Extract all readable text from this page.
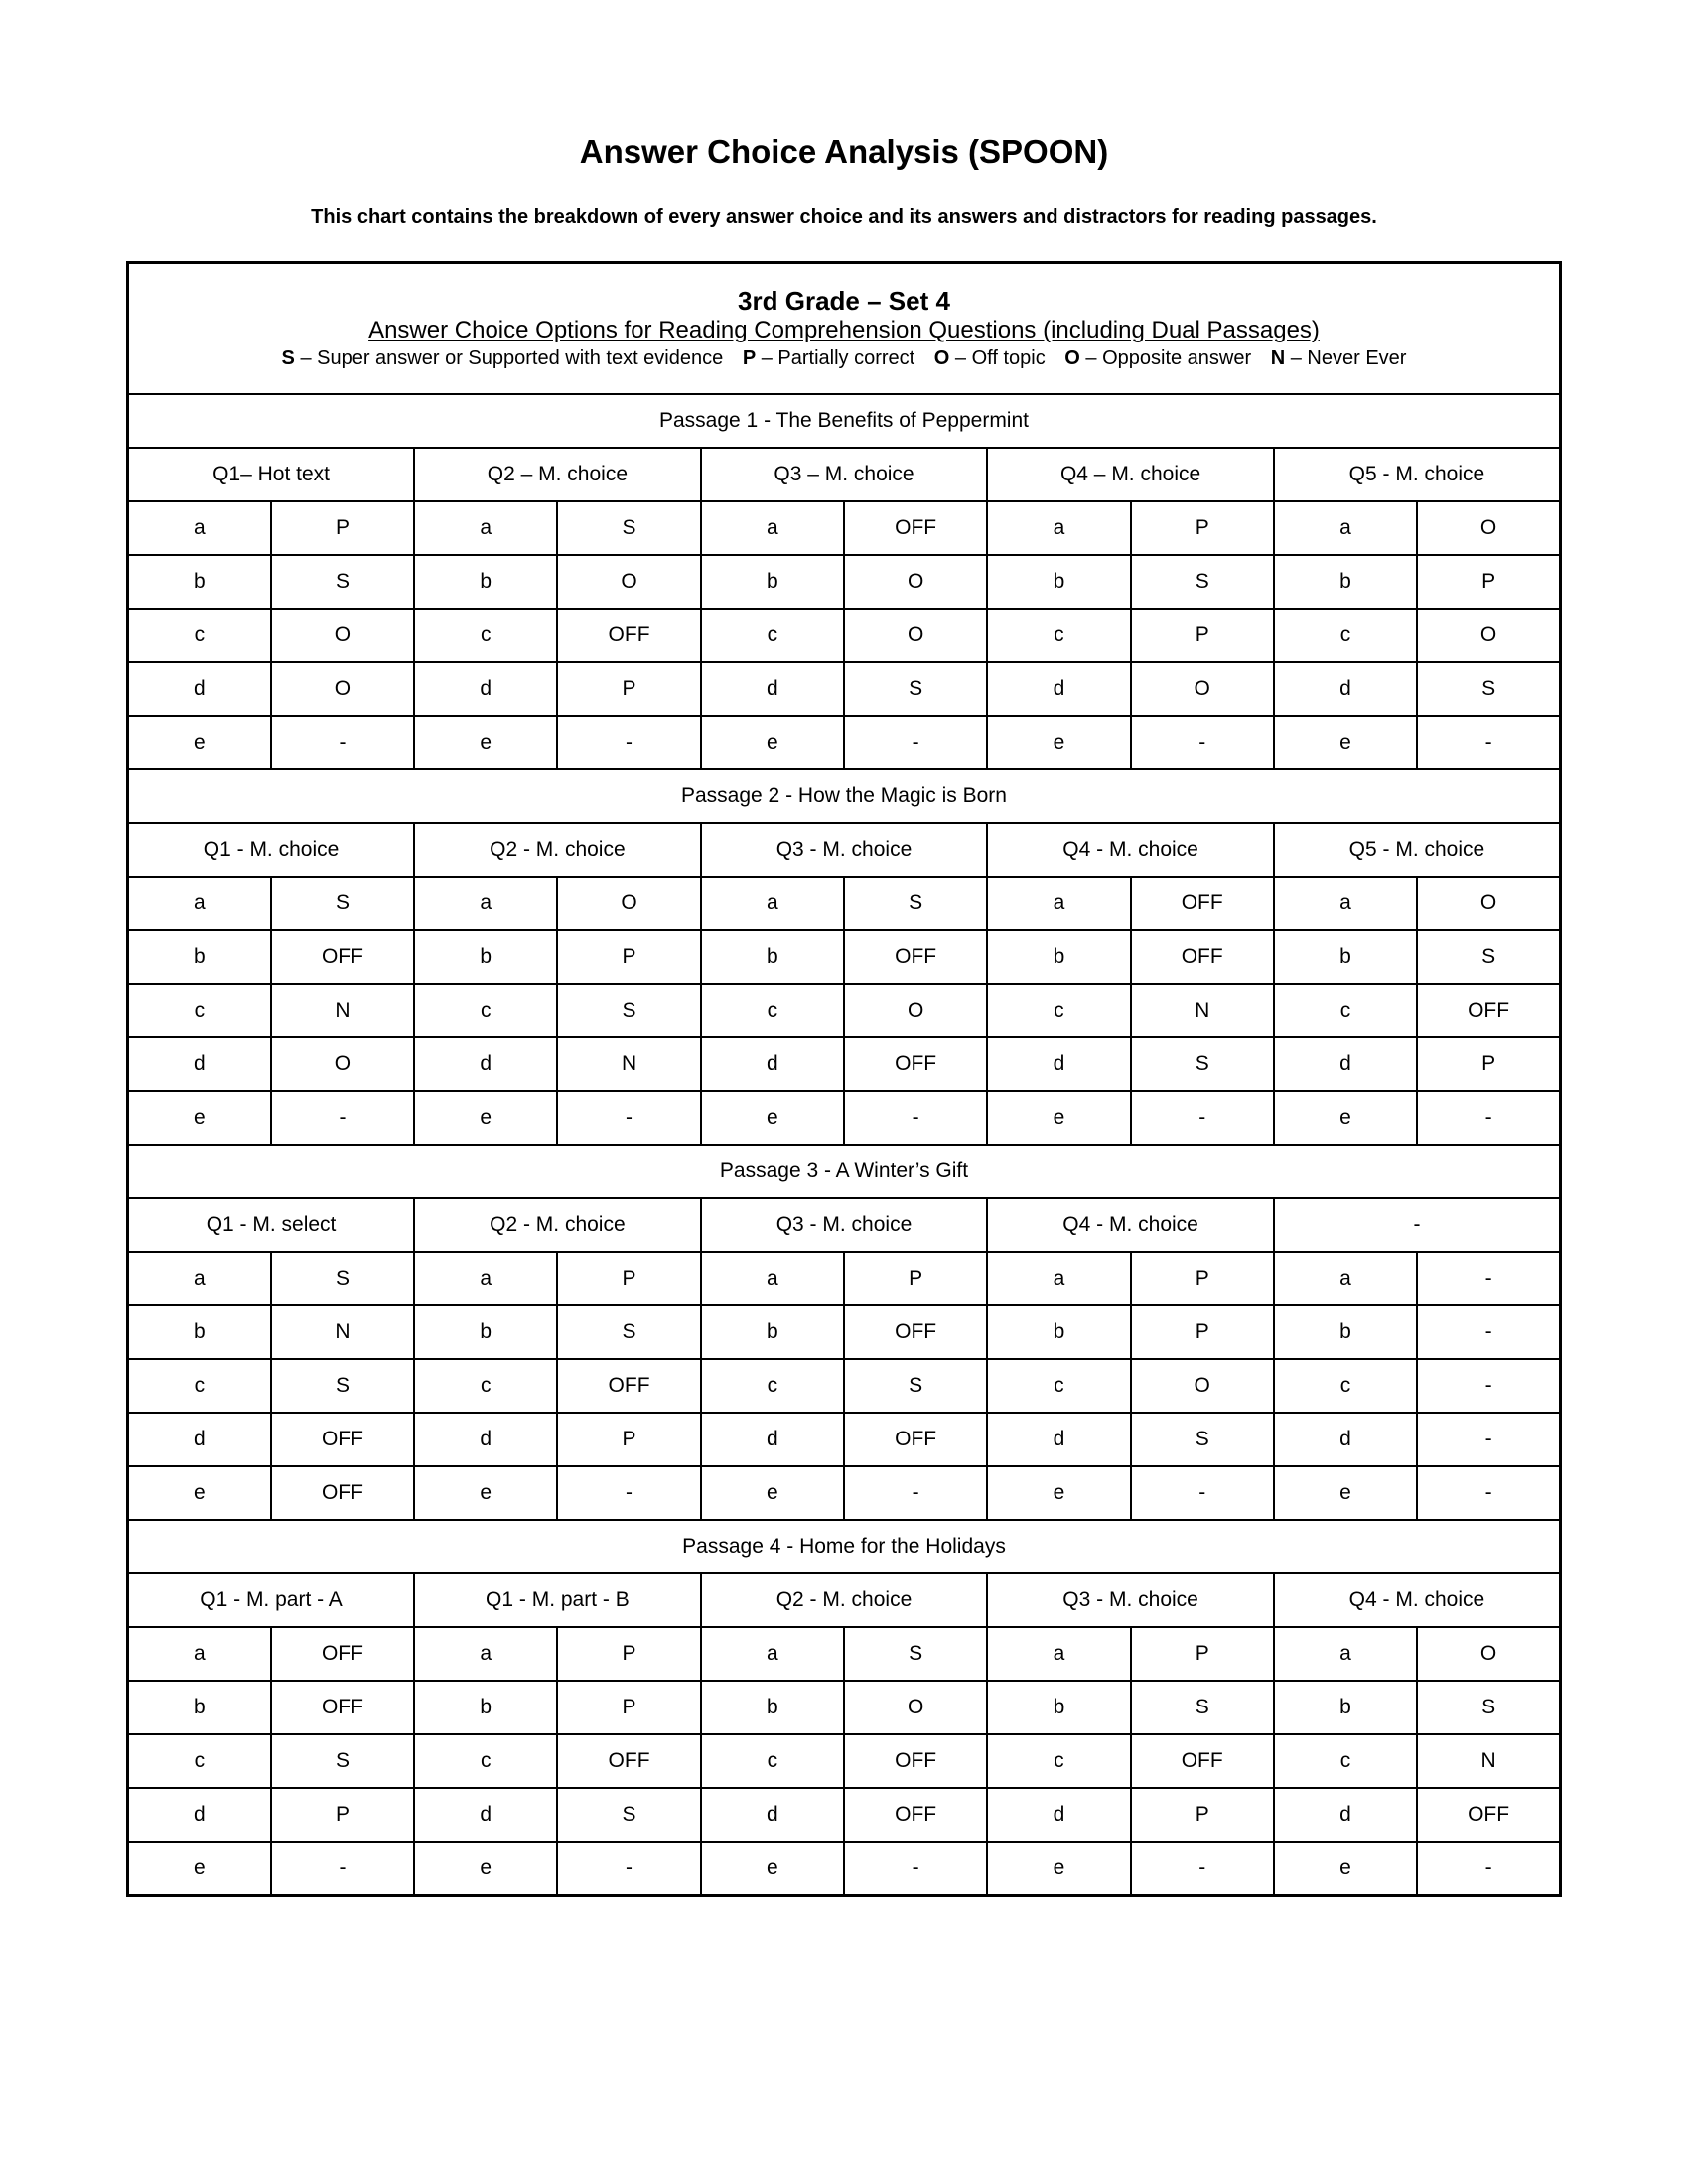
Answer Choice Analysis (SPOON)
This chart contains the breakdown of every answer choice and its answers and distractors for reading passages.
3rd Grade – Set 4
Answer Choice Options for Reading Comprehension Questions (including Dual Passages)
S – Super answer or Supported with text evidence P – Partially correct O – Off topic O – Opposite answer N – Never Ever									

Passage 1 - The Benefits of Peppermint									
Q1– Hot text		Q2 – M. choice		Q3 – M. choice		Q4 – M. choice		Q5 - M. choice	
a	P	a	S	a	OFF	a	P	a	O
b	S	b	O	b	O	b	S	b	P
c	O	c	OFF	c	O	c	P	c	O
d	O	d	P	d	S	d	O	d	S
e	-	e	-	e	-	e	-	e	-
Passage 2 - How the Magic is Born									
Q1 - M. choice		Q2 - M. choice		Q3 - M. choice		Q4 - M. choice		Q5 - M. choice	
a	S	a	O	a	S	a	OFF	a	O
b	OFF	b	P	b	OFF	b	OFF	b	S
c	N	c	S	c	O	c	N	c	OFF
d	O	d	N	d	OFF	d	S	d	P
e	-	e	-	e	-	e	-	e	-
Passage 3 - A Winter’s Gift									
Q1 - M. select		Q2 - M. choice		Q3 - M. choice		Q4 - M. choice		-	
a	S	a	P	a	P	a	P	a	-
b	N	b	S	b	OFF	b	P	b	-
c	S	c	OFF	c	S	c	O	c	-
d	OFF	d	P	d	OFF	d	S	d	-
e	OFF	e	-	e	-	e	-	e	-
Passage 4 - Home for the Holidays									
Q1 - M. part - A		Q1 - M. part - B		Q2 - M. choice		Q3 - M. choice		Q4 - M. choice	
a	OFF	a	P	a	S	a	P	a	O
b	OFF	b	P	b	O	b	S	b	S
c	S	c	OFF	c	OFF	c	OFF	c	N
d	P	d	S	d	OFF	d	P	d	OFF
e	-	e	-	e	-	e	-	e	-
